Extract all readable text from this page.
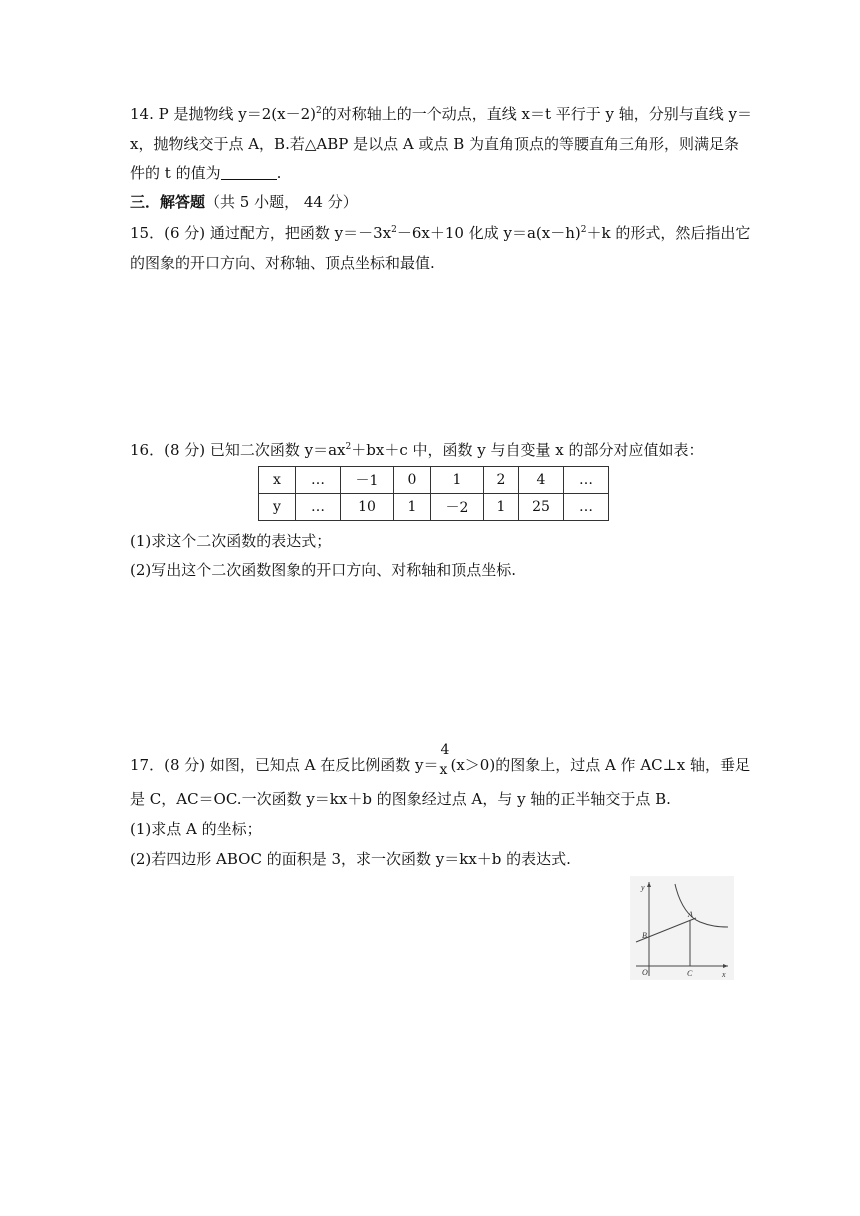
14. P 是抛物线 $y=2(x-2)^2$的对称轴上的一个动点，直线 x＝t 平行于 y 轴，分别与直线 y＝
x，抛物线交于点 A，B.若△ABP 是以点 A 或点 B 为直角顶点的等腰直角三角形，则满足条
件的 t 的值为	.
三．解答题（共 5 小题， 44 分）
15．(6 分) 通过配方，把函数 $y=-3x^2-6x+10$ 化成 $y=a(x-h)^2+k$ 的形式，然后指出它
的图象的开口方向、对称轴、顶点坐标和最值.
16．(8 分) 已知二次函数 $y=ax^2+bx+c$ 中，函数 y 与自变量 x 的部分对应值如表：
x	…	－1	0	1	2	4	…
y	…	10	1	－2	1	25	…
(1)求这个二次函数的表达式；
(2)写出这个二次函数图象的开口方向、对称轴和顶点坐标.
17．(8 分) 如图，已知点 A 在反比例函数 y＝
4
x (x＞0)的图象上，过点 A 作 AC⊥x 轴，垂足
是 C，AC＝OC.一次函数 y＝kx＋b 的图象经过点 A，与 y 轴的正半轴交于点 B.
(1)求点 A 的坐标；
(2)若四边形 ABOC 的面积是 3，求一次函数 y＝kx＋b 的表达式.
y
x
O
A
B
C
